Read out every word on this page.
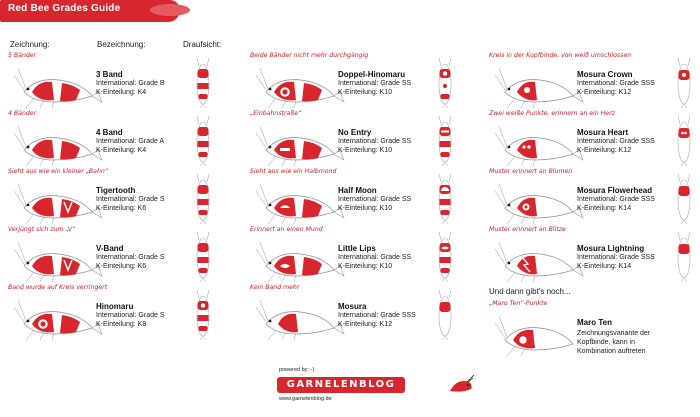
Red Bee Grades Guide
Zeichnung:	Bezeichnung:	Draufsicht:
5 Bänder
3 Band
International: Grade B
K-Einteilung: K4
4 Bänder
4 Band
International: Grade A
K-Einteilung: K4
Sieht aus wie ein kleiner „Bahn“
Tigertooth
International: Grade S
K-Einteilung: K6
Verjüngt sich zum „V“
V-Band
International: Grade S
K-Einteilung: K6
Band wurde auf Kreis verringert
Hinomaru
International: Grade S
K-Einteilung: K8
Beide Bänder nicht mehr durchgängig
Doppel-Hinomaru
International: Grade SS
K-Einteilung: K10
„Einbahnstraße“
No Entry
International: Grade SS
K-Einteilung: K10
Sieht aus wie ein Halbmond
Half Moon
International: Grade SS
K-Einteilung: K10
Erinnert an einen Mund
Little Lips
International: Grade SS
K-Einteilung: K10
Kein Band mehr
Mosura
International: Grade SSS
K-Einteilung: K12
Kreis in der Kopfbinde, von weiß umschlossen
Mosura Crown
International: Grade SSS
K-Einteilung: K12
Zwei weiße Punkte, erinnern an ein Herz
Mosura Heart
International: Grade SSS
K-Einteilung: K12
Muster erinnert an Blumen
Mosura Flowerhead
International: Grade SSS
K-Einteilung: K14
Muster erinnert an Blitze
Mosura Lightning
International: Grade SSS
K-Einteilung: K14
Und dann gibt's noch...
„Maro Ten“-Punkte
Maro Ten
Zeichnungsvariante der Kopfbinde, kann in Kombination auftreten
powered by :-)
GARNELENBLOG
www.garnelenblog.de
